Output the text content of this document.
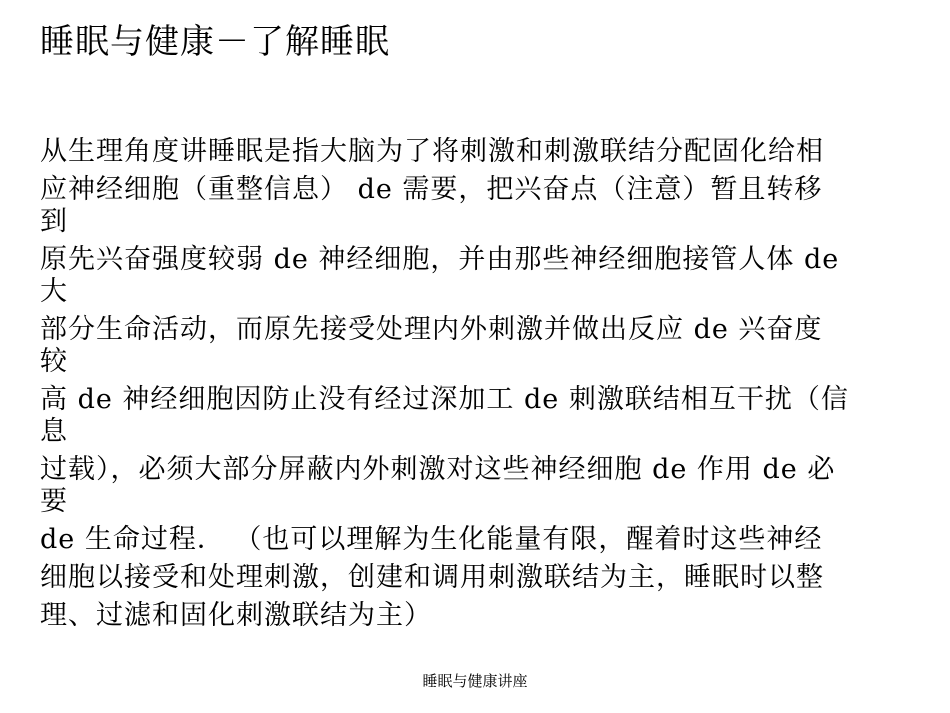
睡眠与健康－了解睡眠
从生理角度讲睡眠是指大脑为了将刺激和刺激联结分配固化给相
应神经细胞（重整信息） de 需要，把兴奋点（注意）暂且转移
到
原先兴奋强度较弱 de 神经细胞，并由那些神经细胞接管人体 de
大
部分生命活动，而原先接受处理内外刺激并做出反应 de 兴奋度
较
高 de 神经细胞因防止没有经过深加工 de 刺激联结相互干扰（信
息
过载），必须大部分屏蔽内外刺激对这些神经细胞 de 作用 de 必
要
de 生命过程． （也可以理解为生化能量有限，醒着时这些神经
细胞以接受和处理刺激，创建和调用刺激联结为主，睡眠时以整
理、过滤和固化刺激联结为主）
睡眠与健康讲座
